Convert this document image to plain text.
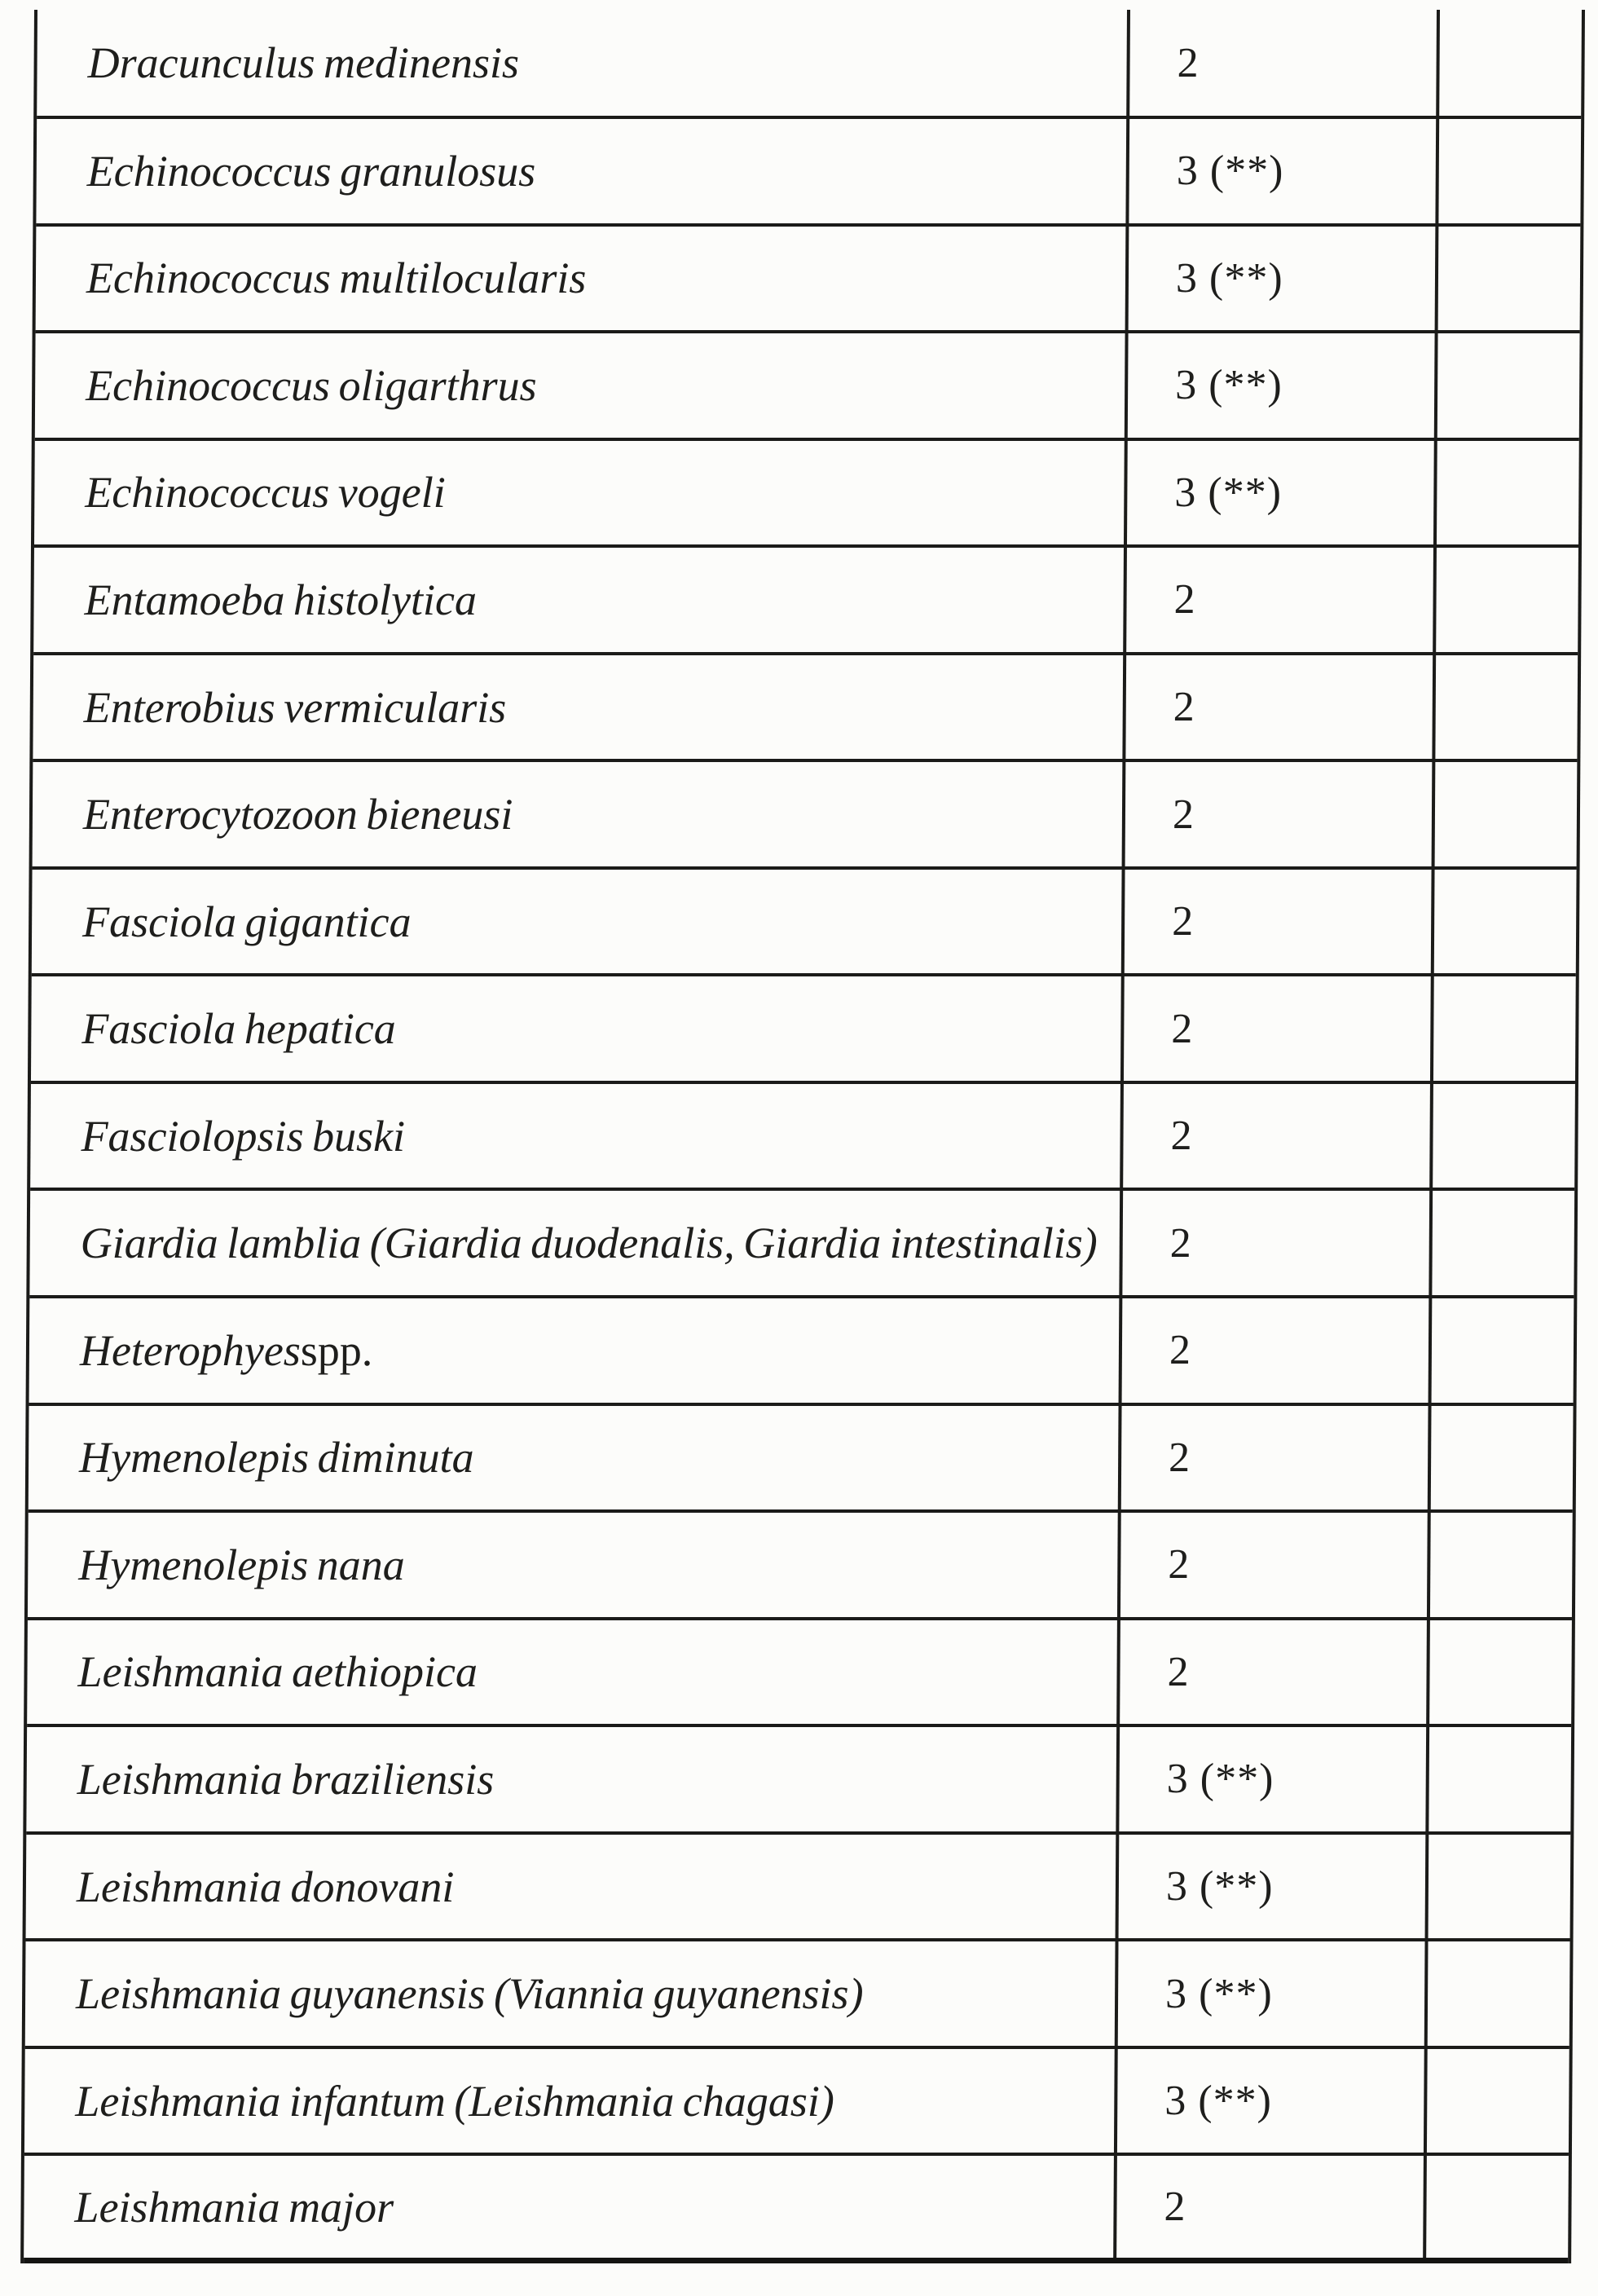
Dracunculus medinensis	2
Echinococcus granulosus	3 (**)
Echinococcus multilocularis	3 (**)
Echinococcus oligarthrus	3 (**)
Echinococcus vogeli	3 (**)
Entamoeba histolytica	2
Enterobius vermicularis	2
Enterocytozoon bieneusi	2
Fasciola gigantica	2
Fasciola hepatica	2
Fasciolopsis buski	2
Giardia lamblia (Giardia duodenalis, Giardia intestinalis) 2
Heterophyes spp.	2
Hymenolepis diminuta	2
Hymenolepis nana	2
Leishmania aethiopica	2
Leishmania braziliensis	3 (**)
Leishmania donovani	3 (**)
Leishmania guyanensis (Viannia guyanensis)	3 (**)
Leishmania infantum (Leishmania chagasi)	3 (**)
Leishmania major	2
